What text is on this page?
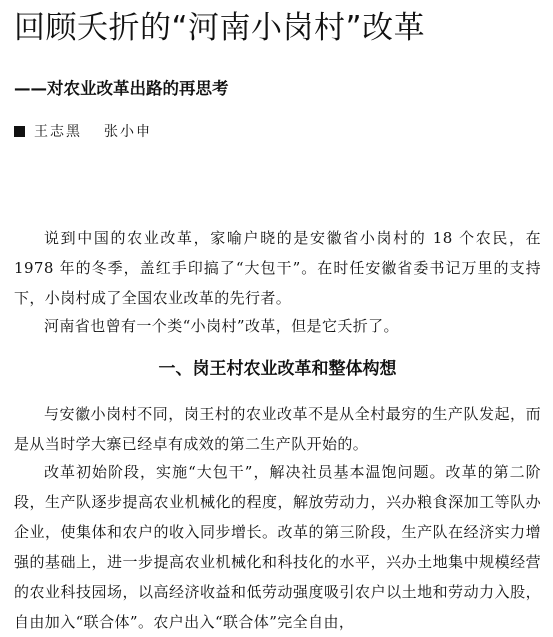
回顾夭折的“河南小岗村”改革
——对农业改革出路的再思考
王志黑 张小申

说到中国的农业改革，家喻户晓的是安徽省小岗村的 18 个农民，在 1978 年的冬季，盖红手印搞了“大包干”。在时任安徽省委书记万里的支持下，小岗村成了全国农业改革的先行者。

河南省也曾有一个类“小岗村”改革，但是它夭折了。

一、岗王村农业改革和整体构想

与安徽小岗村不同，岗王村的农业改革不是从全村最穷的生产队发起，而是从当时学大寨已经卓有成效的第二生产队开始的。

改革初始阶段，实施“大包干”，解决社员基本温饱问题。改革的第二阶段，生产队逐步提高农业机械化的程度，解放劳动力，兴办粮食深加工等队办企业，使集体和农户的收入同步增长。改革的第三阶段，生产队在经济实力增强的基础上，进一步提高农业机械化和科技化的水平，兴办土地集中规模经营的农业科技园场，以高经济收益和低劳动强度吸引农户以土地和劳动力入股，自由加入“联合体”。农户出入“联合体”完全自由，
